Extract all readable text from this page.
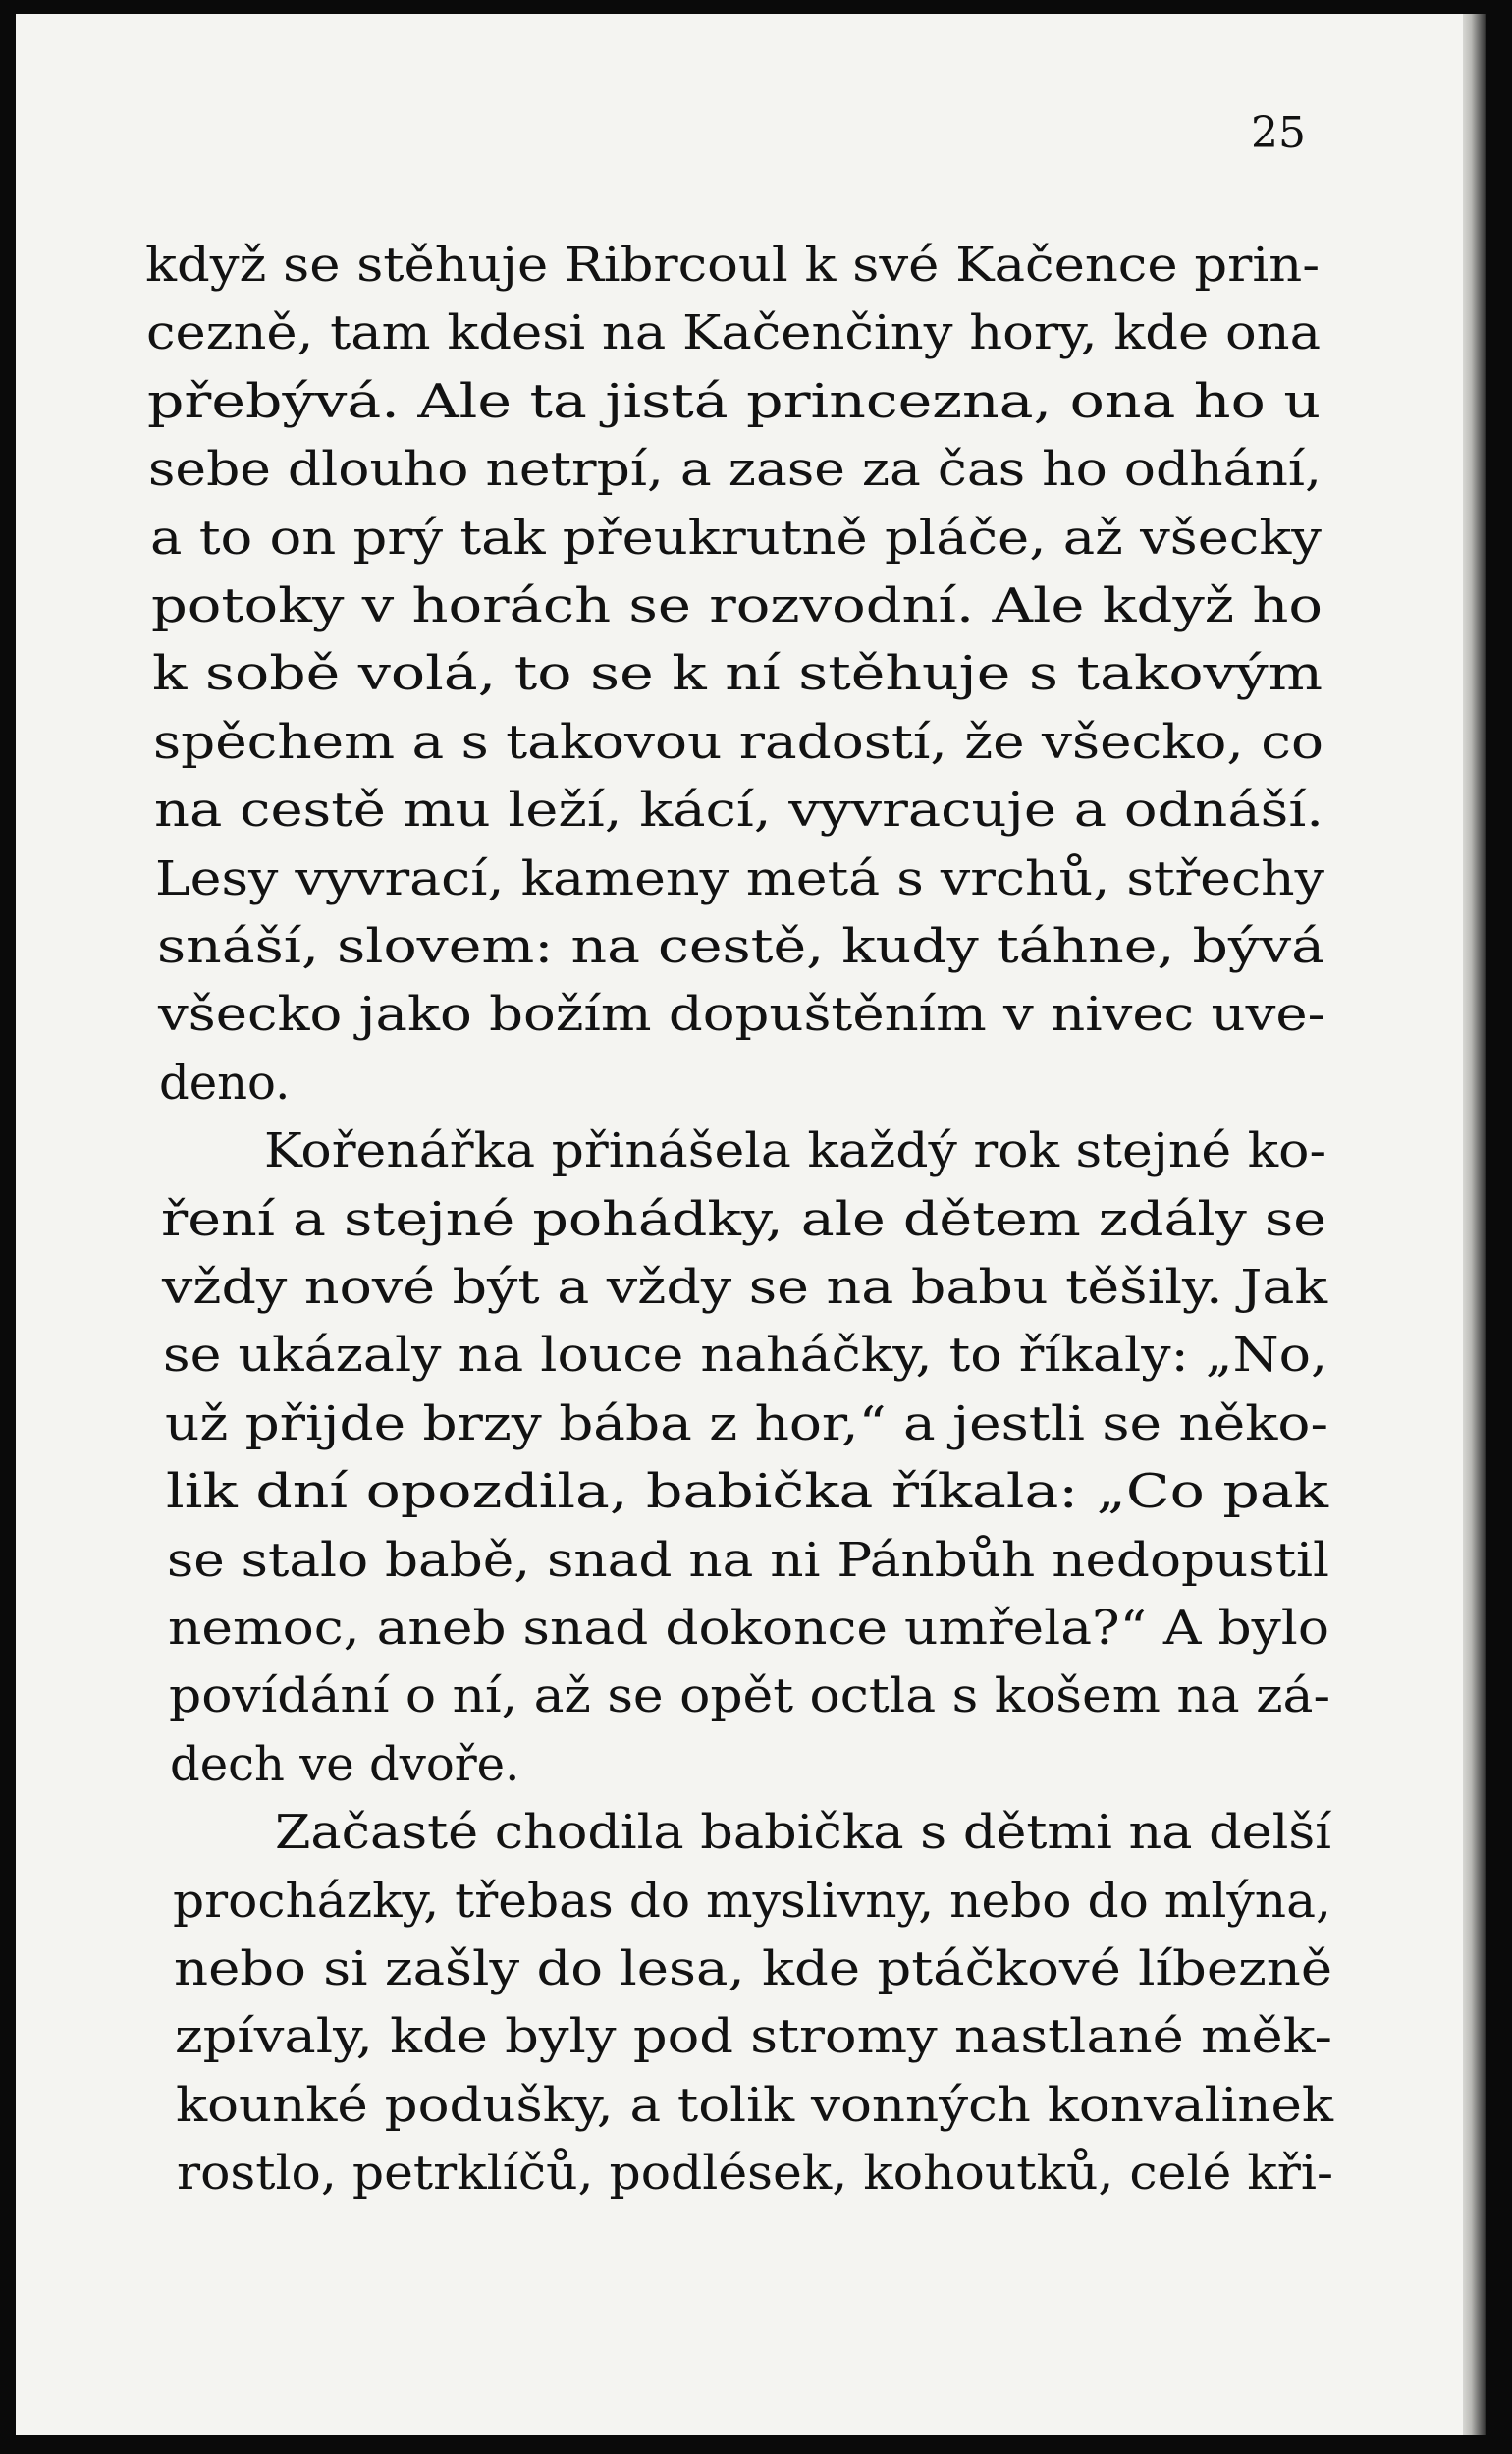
25
když se stěhuje Ribrcoul k své Kačence prin-
cezně, tam kdesi na Kačenčiny hory, kde ona
přebývá. Ale ta jistá princezna, ona ho u
sebe dlouho netrpí, a zase za čas ho odhání,
a to on prý tak přeukrutně pláče, až všecky
potoky v horách se rozvodní. Ale když ho
k sobě volá, to se k ní stěhuje s takovým
spěchem a s takovou radostí, že všecko, co
na cestě mu leží, kácí, vyvracuje a odnáší.
Lesy vyvrací, kameny metá s vrchů, střechy
snáší, slovem: na cestě, kudy táhne, bývá
všecko jako božím dopuštěním v nivec uve-
deno.
Kořenářka přinášela každý rok stejné ko-
ření a stejné pohádky, ale dětem zdály se
vždy nové být a vždy se na babu těšily. Jak
se ukázaly na louce naháčky, to říkaly: „No,
už přijde brzy bába z hor,“ a jestli se něko-
lik dní opozdila, babička říkala: „Co pak
se stalo babě, snad na ni Pánbůh nedopustil
nemoc, aneb snad dokonce umřela?“ A bylo
povídání o ní, až se opět octla s košem na zá-
dech ve dvoře.
Začasté chodila babička s dětmi na delší
procházky, třebas do myslivny, nebo do mlýna,
nebo si zašly do lesa, kde ptáčkové líbezně
zpívaly, kde byly pod stromy nastlané měk-
kounké podušky, a tolik vonných konvalinek
rostlo, petrklíčů, podlések, kohoutků, celé kři-
